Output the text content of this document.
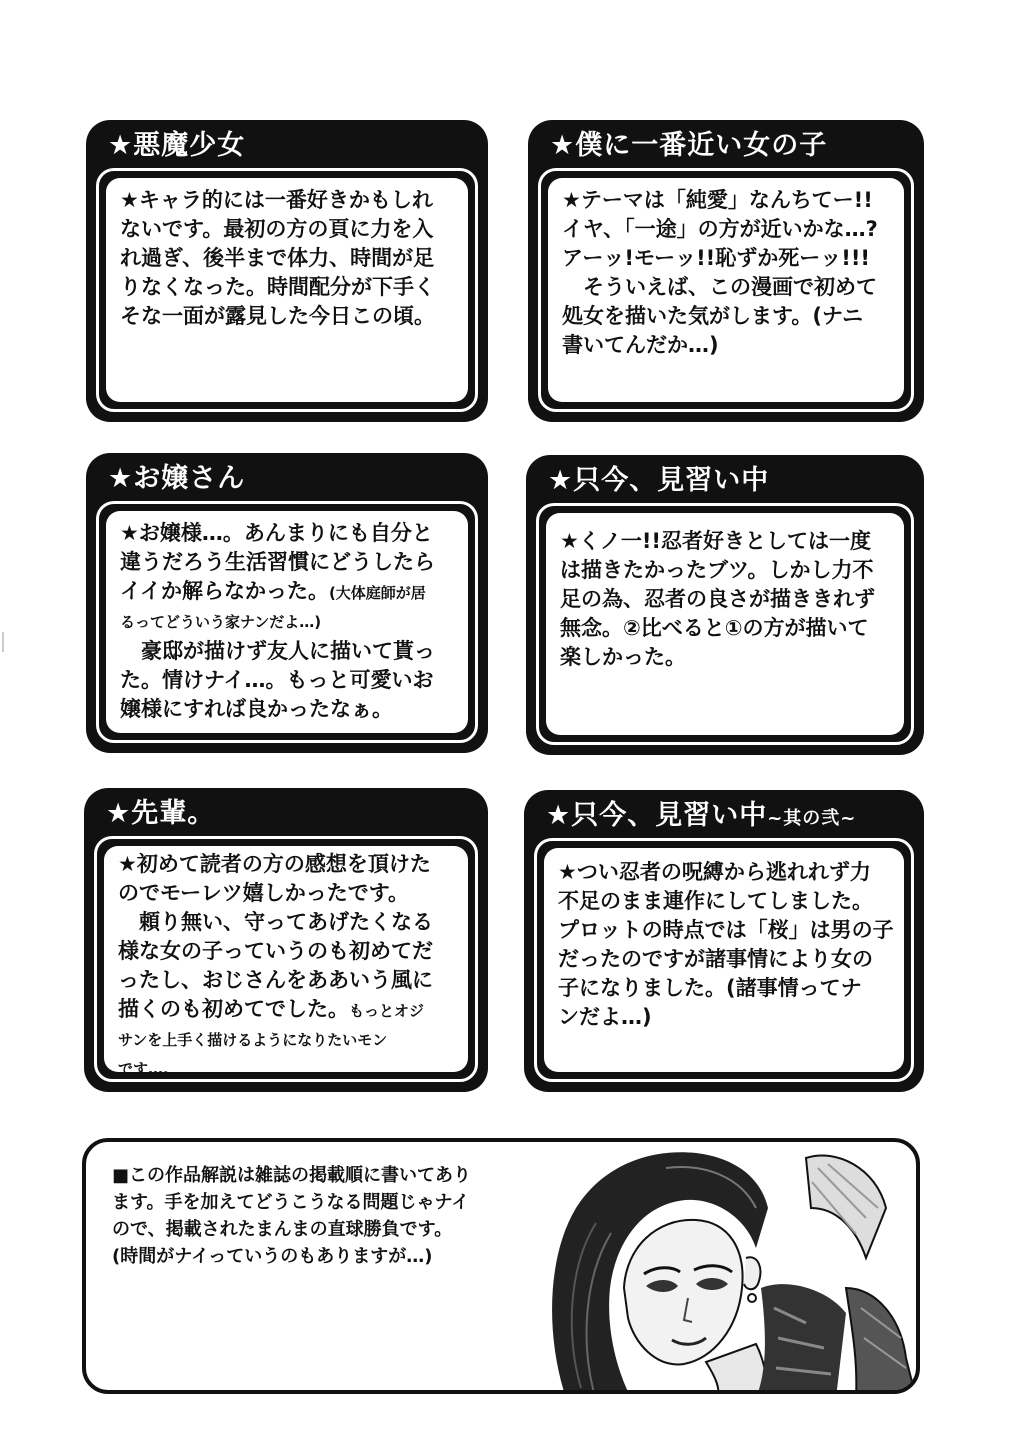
★悪魔少女
★キャラ的には一番好きかもしれ
ないです。最初の方の頁に力を入
れ過ぎ、後半まで体力、時間が足
りなくなった。時間配分が下手く
そな一面が露見した今日この頃。
★僕に一番近い女の子
★テーマは「純愛」なんちてー!!
イヤ、「一途」の方が近いかな…?
アーッ!モーッ!!恥ずか死ーッ!!!
　そういえば、この漫画で初めて
処女を描いた気がします。(ナニ
書いてんだか…)
★お嬢さん
★お嬢様…。あんまりにも自分と
違うだろう生活習慣にどうしたら
イイか解らなかった。(大体庭師が居
るってどういう家ナンだよ…)
　豪邸が描けず友人に描いて貰っ
た。情けナイ…。もっと可愛いお
嬢様にすれば良かったなぁ。
★只今、見習い中
★くノ一!!忍者好きとしては一度
は描きたかったブツ。しかし力不
足の為、忍者の良さが描ききれず
無念。②比べると①の方が描いて
楽しかった。
★先輩。
★初めて読者の方の感想を頂けた
のでモーレツ嬉しかったです。
　頼り無い、守ってあげたくなる
様な女の子っていうのも初めてだ
ったし、おじさんをああいう風に
描くのも初めてでした。もっとオジ
サンを上手く描けるようになりたいモン
です…。
★只今、見習い中~其の弐~
★つい忍者の呪縛から逃れれず力
不足のまま連作にしてしました。
プロットの時点では「桜」は男の子
だったのですが諸事情により女の
子になりました。(諸事情ってナ
ンだよ…)
■この作品解説は雑誌の掲載順に書いてあり
ます。手を加えてどうこうなる問題じゃナイ
ので、掲載されたまんまの直球勝負です。
(時間がナイっていうのもありますが…)
